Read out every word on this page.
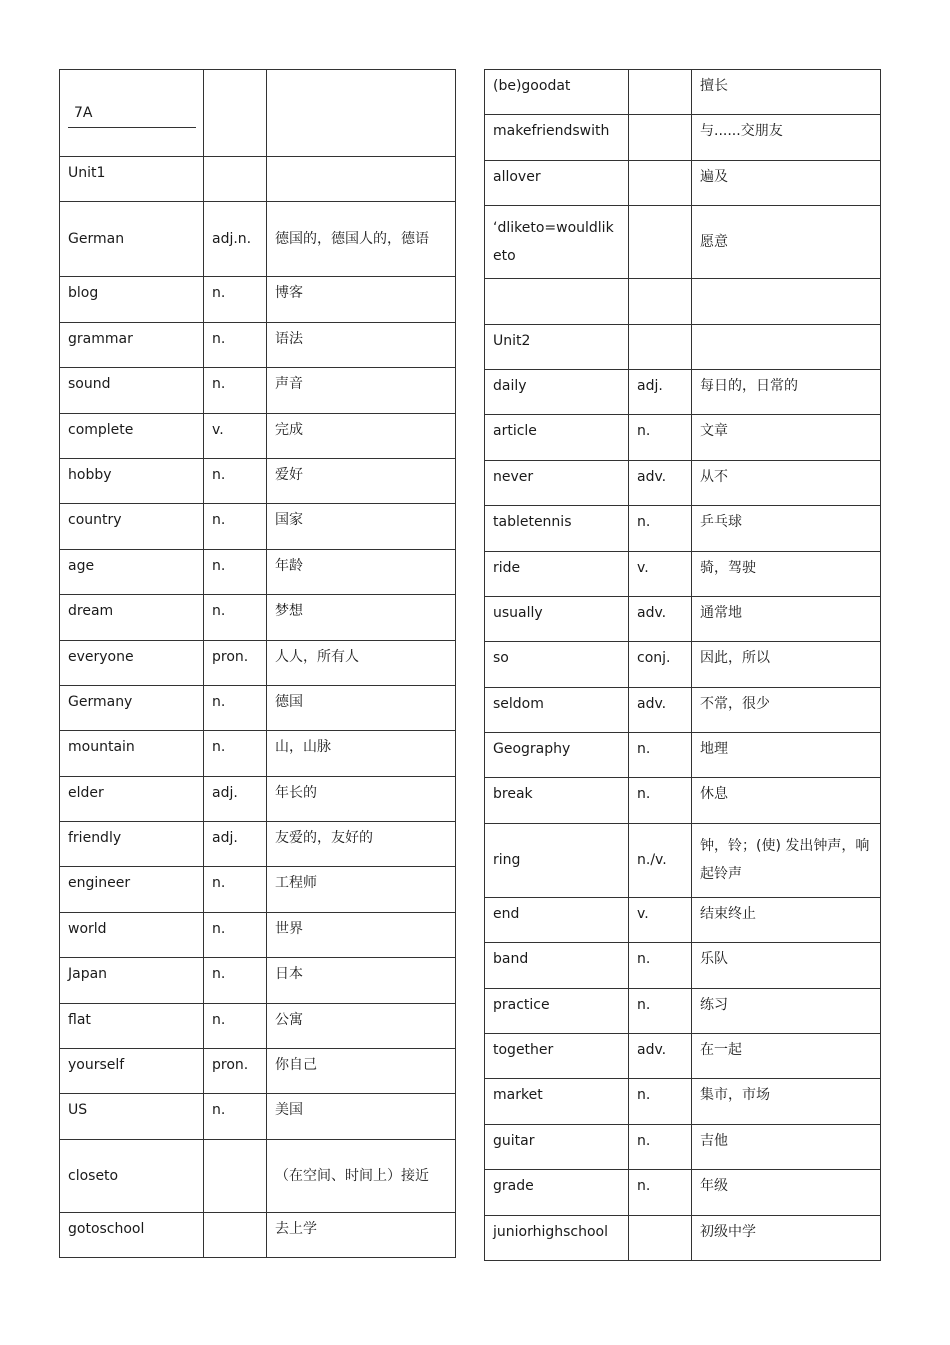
7A		
Unit1		
German	adj.n.	德国的，德国人的，德语
blog	n.	博客
grammar	n.	语法
sound	n.	声音
complete	v.	完成
hobby	n.	爱好
country	n.	国家
age	n.	年龄
dream	n.	梦想
everyone	pron.	人人，所有人
Germany	n.	德国
mountain	n.	山，山脉
elder	adj.	年长的
friendly	adj.	友爱的，友好的
engineer	n.	工程师
world	n.	世界
Japan	n.	日本
flat	n.	公寓
yourself	pron.	你自己
US	n.	美国
closeto		（在空间、时间上）接近
gotoschool		去上学
(be)goodat		擅长
makefriendswith		与......交朋友
allover		遍及
‘dliketo=wouldliketo		愿意

Unit2		
daily	adj.	每日的，日常的
article	n.	文章
never	adv.	从不
tabletennis	n.	乒乓球
ride	v.	骑，驾驶
usually	adv.	通常地
so	conj.	因此，所以
seldom	adv.	不常，很少
Geography	n.	地理
break	n.	休息
ring	n./v.	钟，铃；(使) 发出钟声，响起铃声
end	v.	结束终止
band	n.	乐队
practice	n.	练习
together	adv.	在一起
market	n.	集市，市场
guitar	n.	吉他
grade	n.	年级
juniorhighschool		初级中学
